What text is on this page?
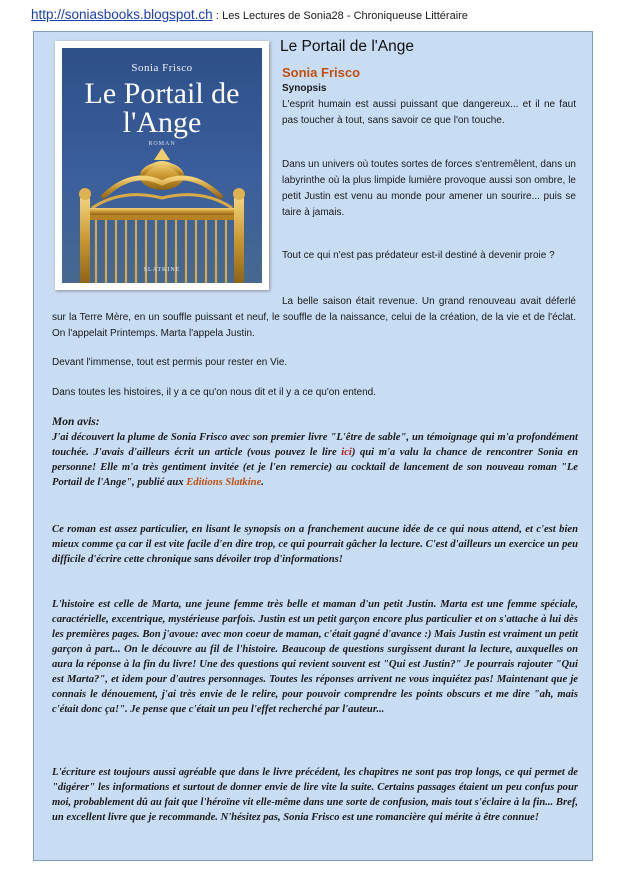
http://soniasbooks.blogspot.ch : Les Lectures de Sonia28 - Chroniqueuse Littéraire
Sonia Frisco
Le Portail de l'Ange
ROMAN
SLATKINE
Le Portail de l'Ange
Sonia Frisco
Synopsis
L'esprit humain est aussi puissant que dangereux... et il ne faut pas toucher à tout, sans savoir ce que l'on touche.
Dans un univers où toutes sortes de forces s'entremêlent, dans un labyrinthe où la plus limpide lumière provoque aussi son ombre, le petit Justin est venu au monde pour amener un sourire... puis se taire à jamais.
Tout ce qui n'est pas prédateur est-il destiné à devenir proie ?
La belle saison était revenue. Un grand renouveau avait déferlé sur la Terre Mère, en un souffle puissant et neuf, le souffle de la naissance, celui de la création, de la vie et de l'éclat. On l'appelait Printemps. Marta l'appela Justin.
Devant l'immense, tout est permis pour rester en Vie.
Dans toutes les histoires, il y a ce qu'on nous dit et il y a ce qu'on entend.
Mon avis:
J'ai découvert la plume de Sonia Frisco avec son premier livre "L'être de sable", un témoignage qui m'a profondément touchée. J'avais d'ailleurs écrit un article (vous pouvez le lire ici) qui m'a valu la chance de rencontrer Sonia en personne! Elle m'a très gentiment invitée (et je l'en remercie) au cocktail de lancement de son nouveau roman "Le Portail de l'Ange", publié aux Editions Slatkine.
Ce roman est assez particulier, en lisant le synopsis on a franchement aucune idée de ce qui nous attend, et c'est bien mieux comme ça car il est vite facile d'en dire trop, ce qui pourrait gâcher la lecture. C'est d'ailleurs un exercice un peu difficile d'écrire cette chronique sans dévoiler trop d'informations!
L'histoire est celle de Marta, une jeune femme très belle et maman d'un petit Justin. Marta est une femme spéciale, caractérielle, excentrique, mystérieuse parfois. Justin est un petit garçon encore plus particulier et on s'attache à lui dès les premières pages. Bon j'avoue: avec mon coeur de maman, c'était gagné d'avance :) Mais Justin est vraiment un petit garçon à part... On le découvre au fil de l'histoire. Beaucoup de questions surgissent durant la lecture, auxquelles on aura la réponse à la fin du livre! Une des questions qui revient souvent est "Qui est Justin?" Je pourrais rajouter "Qui est Marta?", et idem pour d'autres personnages. Toutes les réponses arrivent ne vous inquiétez pas! Maintenant que je connais le dénouement, j'ai très envie de le relire, pour pouvoir comprendre les points obscurs et me dire "ah, mais c'était donc ça!". Je pense que c'était un peu l'effet recherché par l'auteur...
L'écriture est toujours aussi agréable que dans le livre précédent, les chapitres ne sont pas trop longs, ce qui permet de "digérer" les informations et surtout de donner envie de lire vite la suite. Certains passages étaient un peu confus pour moi, probablement dû au fait que l'héroïne vit elle-même dans une sorte de confusion, mais tout s'éclaire à la fin... Bref, un excellent livre que je recommande. N'hésitez pas, Sonia Frisco est une romancière qui mérite à être connue!
